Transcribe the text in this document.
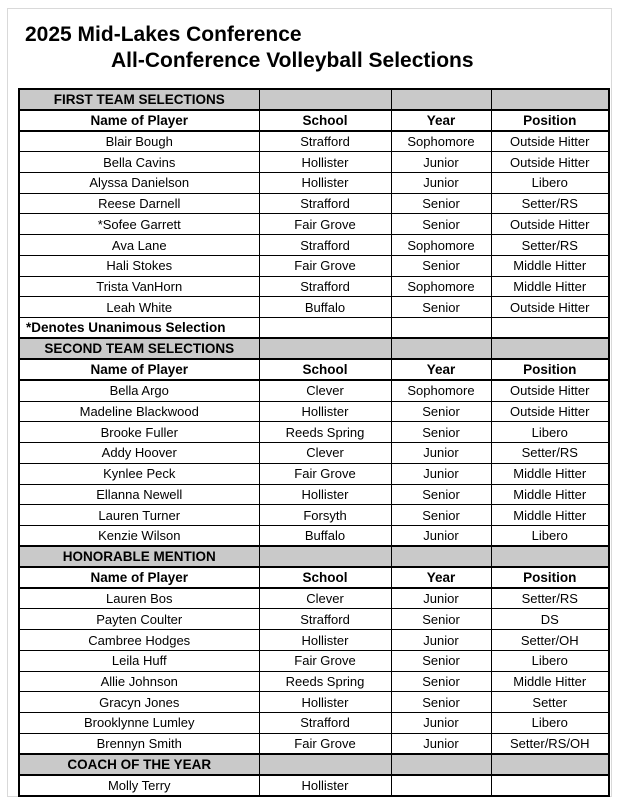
2025 Mid-Lakes Conference
All-Conference Volleyball Selections
FIRST TEAM SELECTIONS			
Name of Player	School	Year	Position
Blair Bough	Strafford	Sophomore	Outside Hitter
Bella Cavins	Hollister	Junior	Outside Hitter
Alyssa Danielson	Hollister	Junior	Libero
Reese Darnell	Strafford	Senior	Setter/RS
*Sofee Garrett	Fair Grove	Senior	Outside Hitter
Ava Lane	Strafford	Sophomore	Setter/RS
Hali Stokes	Fair Grove	Senior	Middle Hitter
Trista VanHorn	Strafford	Sophomore	Middle Hitter
Leah White	Buffalo	Senior	Outside Hitter
*Denotes Unanimous Selection			
SECOND TEAM SELECTIONS			
Name of Player	School	Year	Position
Bella Argo	Clever	Sophomore	Outside Hitter
Madeline Blackwood	Hollister	Senior	Outside Hitter
Brooke Fuller	Reeds Spring	Senior	Libero
Addy Hoover	Clever	Junior	Setter/RS
Kynlee Peck	Fair Grove	Junior	Middle Hitter
Ellanna Newell	Hollister	Senior	Middle Hitter
Lauren Turner	Forsyth	Senior	Middle Hitter
Kenzie Wilson	Buffalo	Junior	Libero
HONORABLE MENTION			
Name of Player	School	Year	Position
Lauren Bos	Clever	Junior	Setter/RS
Payten Coulter	Strafford	Senior	DS
Cambree Hodges	Hollister	Junior	Setter/OH
Leila Huff	Fair Grove	Senior	Libero
Allie Johnson	Reeds Spring	Senior	Middle Hitter
Gracyn Jones	Hollister	Senior	Setter
Brooklynne Lumley	Strafford	Junior	Libero
Brennyn Smith	Fair Grove	Junior	Setter/RS/OH
COACH OF THE YEAR			
Molly Terry	Hollister		
